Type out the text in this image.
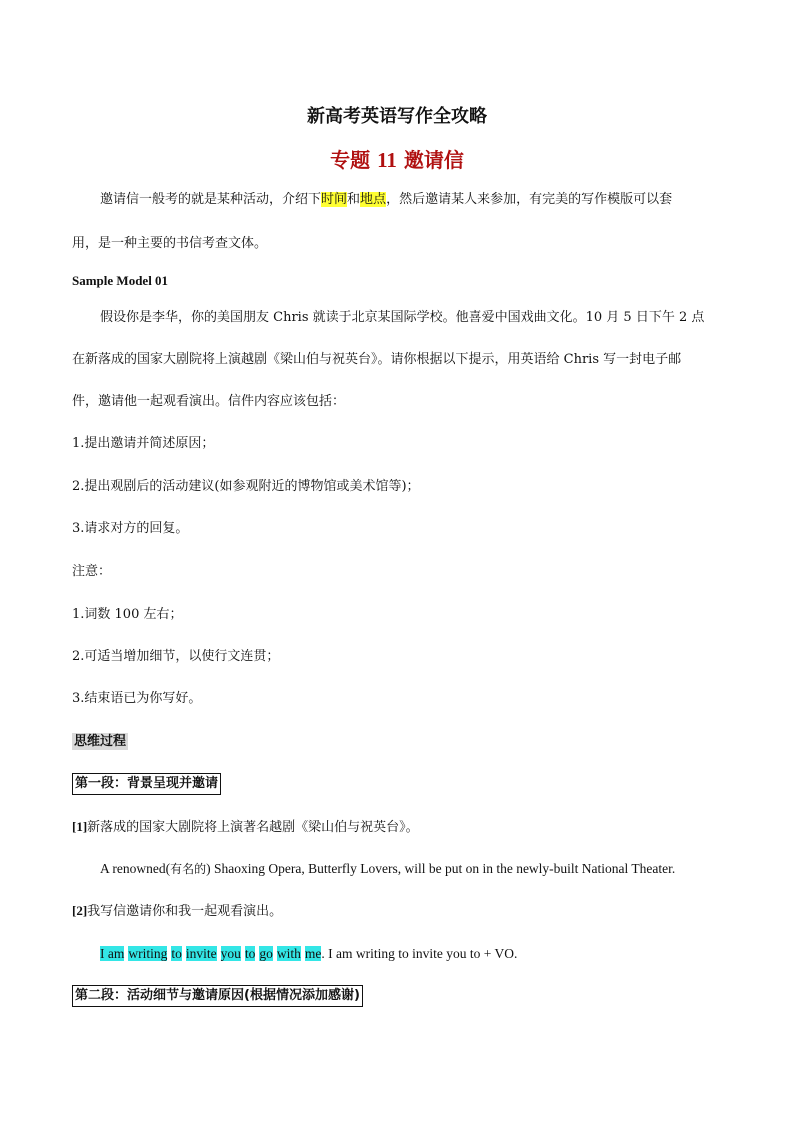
新高考英语写作全攻略
专题 11 邀请信
邀请信一般考的就是某种活动，介绍下时间和地点，然后邀请某人来参加，有完美的写作模版可以套
用，是一种主要的书信考查文体。
Sample Model 01
假设你是李华，你的美国朋友 Chris 就读于北京某国际学校。他喜爱中国戏曲文化。10 月 5 日下午 2 点
在新落成的国家大剧院将上演越剧《梁山伯与祝英台》。请你根据以下提示，用英语给 Chris 写一封电子邮
件，邀请他一起观看演出。信件内容应该包括：
1.提出邀请并简述原因；
2.提出观剧后的活动建议(如参观附近的博物馆或美术馆等)；
3.请求对方的回复。
注意：
1.词数 100 左右；
2.可适当增加细节，以使行文连贯；
3.结束语已为你写好。
思维过程
第一段：背景呈现并邀请
[1]新落成的国家大剧院将上演著名越剧《梁山伯与祝英台》。
A renowned(有名的) Shaoxing Opera, Butterfly Lovers, will be put on in the newly-built National Theater.
[2]我写信邀请你和我一起观看演出。
I am writing to invite you to go with me. I am writing to invite you to + VO.
第二段：活动细节与邀请原因(根据情况添加感谢)
